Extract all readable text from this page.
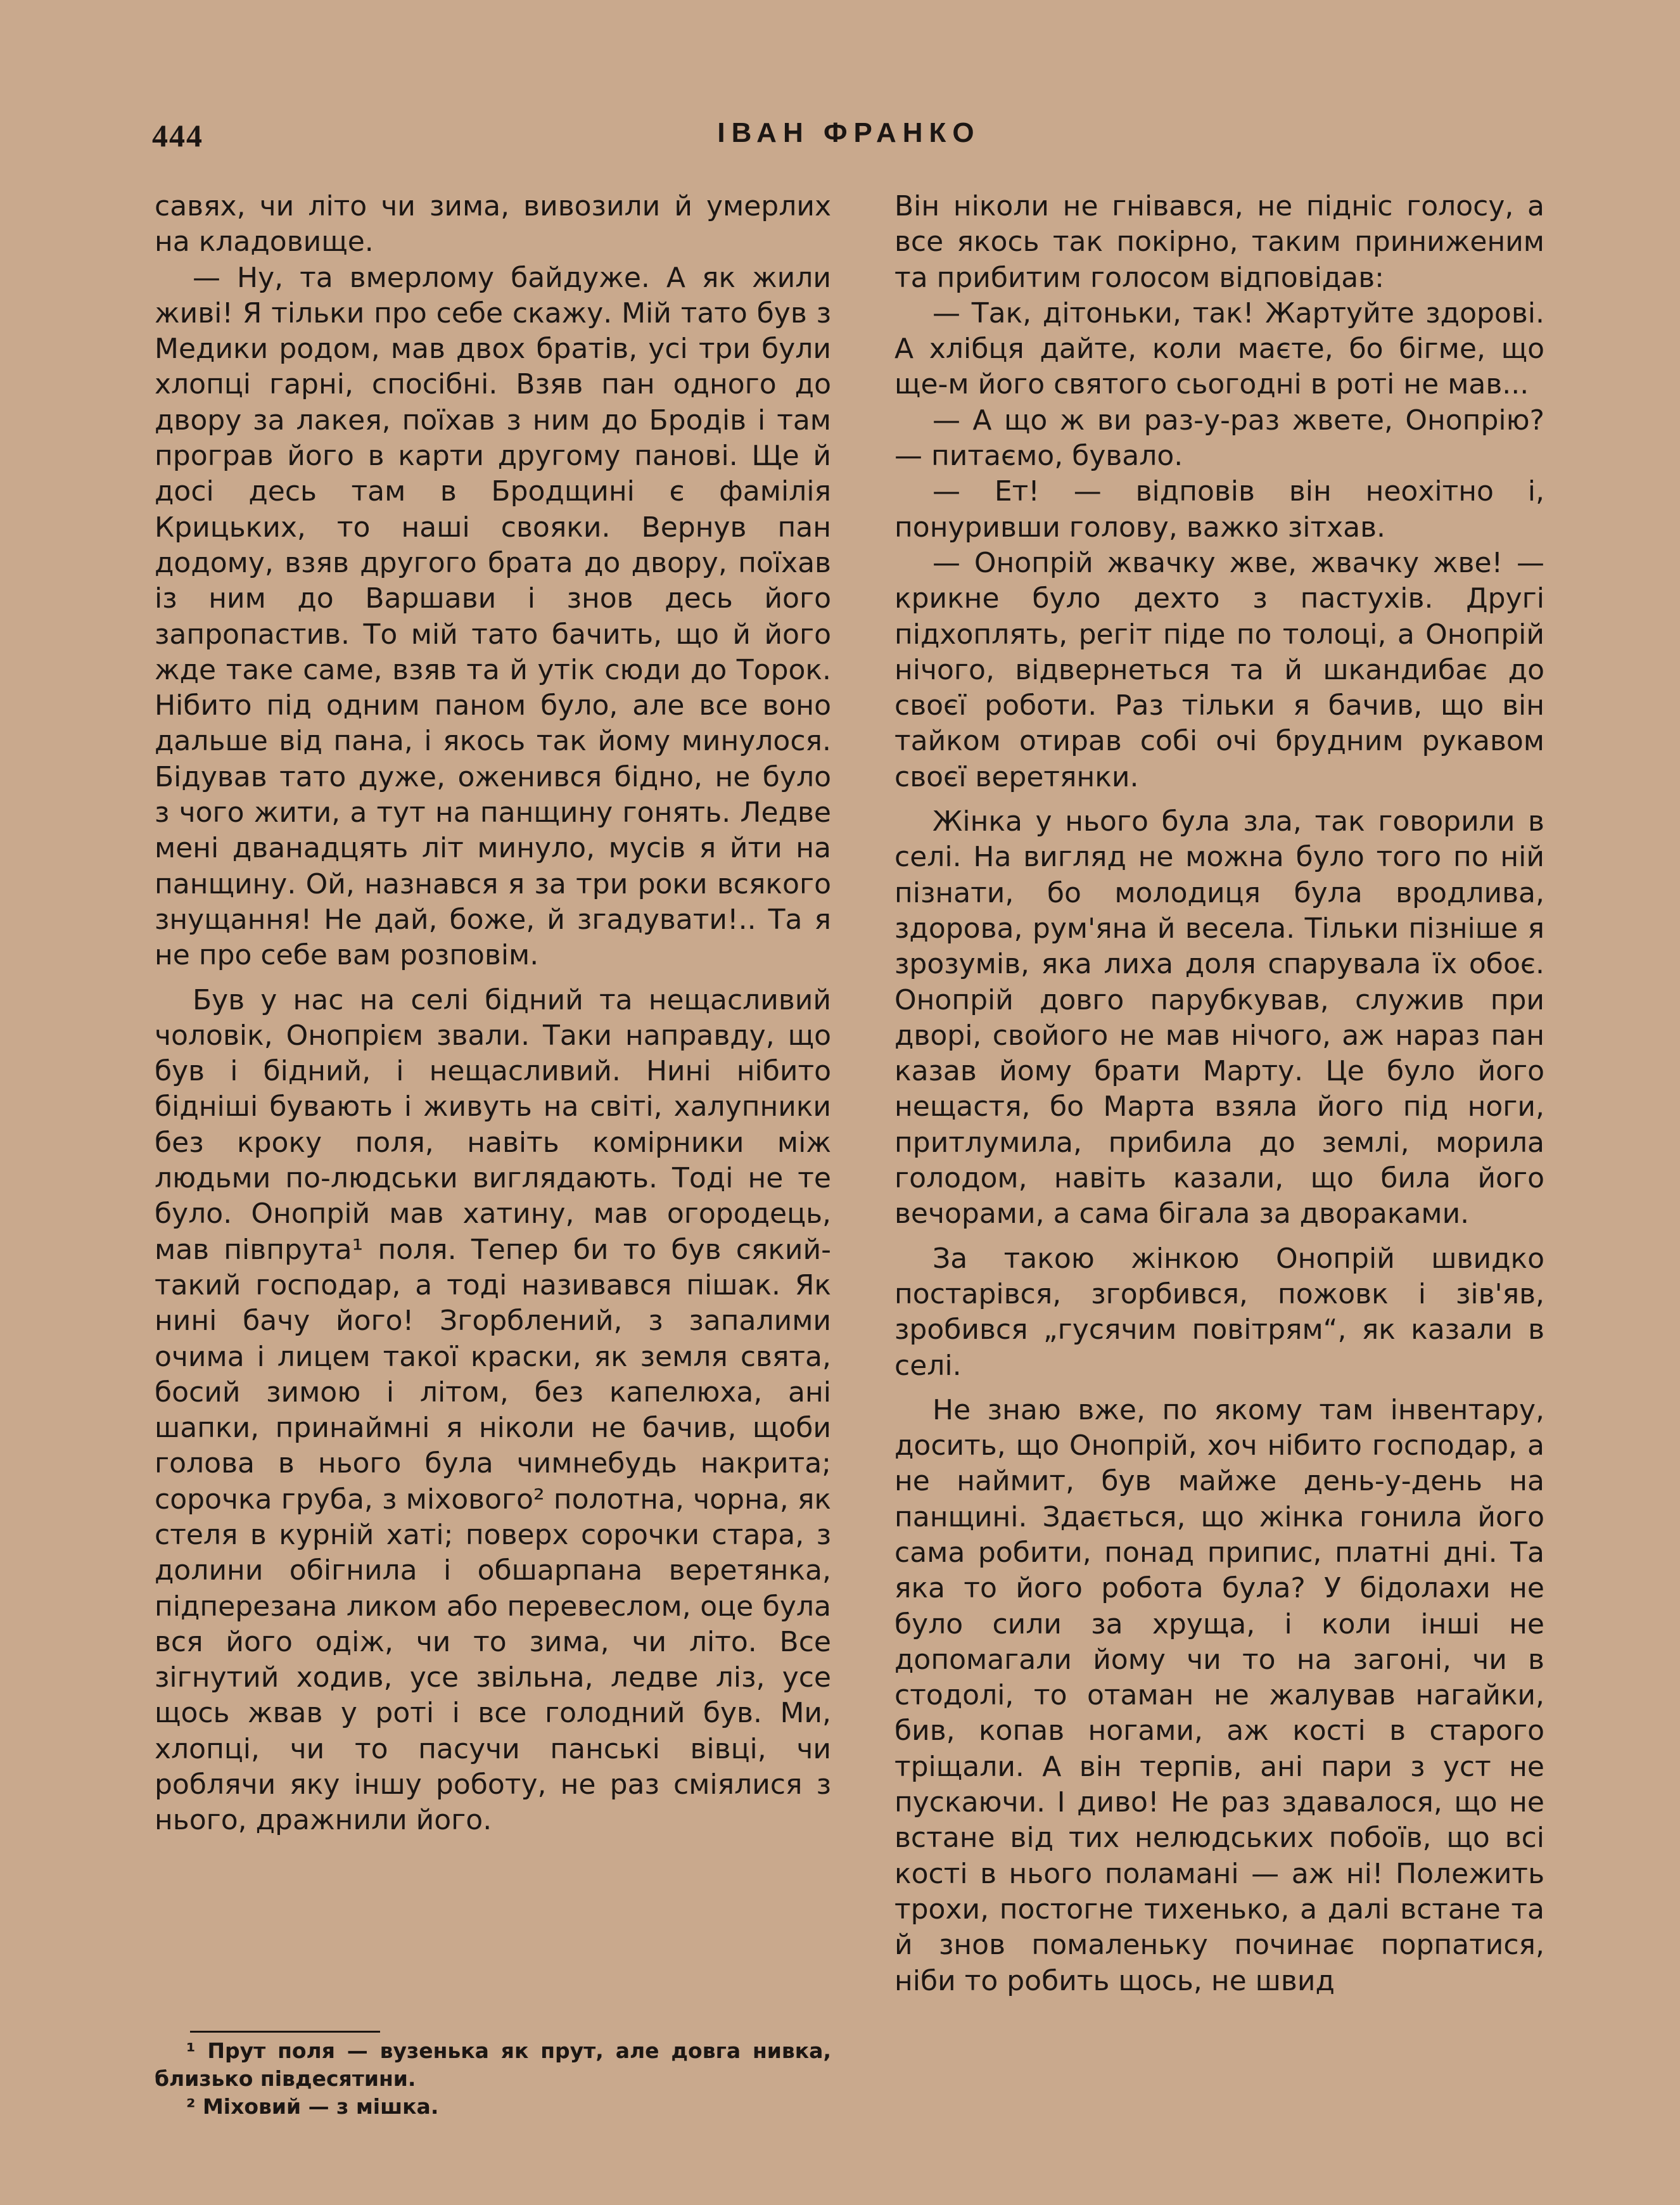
444	ІВАН ФРАНКО

савях, чи літо чи зима, вивозили й умерлих на кладовище.

— Ну, та вмерлому байдуже. А як жили живі! Я тільки про себе скажу. Мій тато був з Медики родом, мав двох братів, усі три були хлопці гарні, спосібні. Взяв пан одного до двору за лакея, поїхав з ним до Бродів і там програв його в карти другому панові. Ще й досі десь там в Бродщині є фамілія Крицьких, то наші свояки. Вернув пан додому, взяв другого брата до двору, поїхав із ним до Варшави і знов десь його запропастив. То мій тато бачить, що й його жде таке саме, взяв та й утік сюди до Торок. Нібито під одним паном було, але все воно дальше від пана, і якось так йому минулося. Бідував тато дуже, оженився бідно, не було з чого жити, а тут на панщину гонять. Ледве мені дванадцять літ минуло, мусів я йти на панщину. Ой, назнався я за три роки всякого знущання! Не дай, боже, й згадувати!.. Та я не про себе вам розповім.

Був у нас на селі бідний та нещасливий чоловік, Онопрієм звали. Таки направду, що був і бідний, і нещасливий. Нині нібито бідніші бувають і живуть на світі, халупники без кроку поля, навіть комірники між людьми по-людськи виглядають. Тоді не те було. Онопрій мав хатину, мав огородець, мав півпрута¹ поля. Тепер би то був сякий-такий господар, а тоді називався пішак. Як нині бачу його! Згорблений, з запалими очима і лицем такої краски, як земля свята, босий зимою і літом, без капелюха, ані шапки, принаймні я ніколи не бачив, щоби голова в нього була чимнебудь накрита; сорочка груба, з міхового² полотна, чорна, як стеля в курній хаті; поверх сорочки стара, з долини обігнила і обшарпана веретянка, підперезана ликом або перевеслом, оце була вся його одіж, чи то зима, чи літо. Все зігнутий ходив, усе звільна, ледве ліз, усе щось жвав у роті і все голодний був. Ми, хлопці, чи то пасучи панські вівці, чи роблячи яку іншу роботу, не раз сміялися з нього, дражнили його.

Він ніколи не гнівався, не підніс голосу, а все якось так покірно, таким приниженим та прибитим голосом відповідав:

— Так, дітоньки, так! Жартуйте здорові. А хлібця дайте, коли маєте, бо бігме, що ще-м його святого сьогодні в роті не мав...

— А що ж ви раз-у-раз жвете, Онопрію? — питаємо, бувало.

— Ет! — відповів він неохітно і, понуривши голову, важко зітхав.

— Онопрій жвачку жве, жвачку жве! — крикне було дехто з пастухів. Другі підхоплять, регіт піде по толоці, а Онопрій нічого, відвернеться та й шкандибає до своєї роботи. Раз тільки я бачив, що він тайком отирав собі очі брудним рукавом своєї веретянки.

Жінка у нього була зла, так говорили в селі. На вигляд не можна було того по ній пізнати, бо молодиця була вродлива, здорова, рум'яна й весела. Тільки пізніше я зрозумів, яка лиха доля спарувала їх обоє. Онопрій довго парубкував, служив при дворі, свойого не мав нічого, аж нараз пан казав йому брати Марту. Це було його нещастя, бо Марта взяла його під ноги, притлумила, прибила до землі, морила голодом, навіть казали, що била його вечорами, а сама бігала за двораками.

За такою жінкою Онопрій швидко постарівся, згорбився, пожовк і зів'яв, зробився „гусячим повітрям“, як казали в селі.

Не знаю вже, по якому там інвентару, досить, що Онопрій, хоч нібито господар, а не наймит, був майже день-у-день на панщині. Здається, що жінка гонила його сама робити, понад припис, платні дні. Та яка то його робота була? У бідолахи не було сили за хруща, і коли інші не допомагали йому чи то на загоні, чи в стодолі, то отаман не жалував нагайки, бив, копав ногами, аж кості в старого тріщали. А він терпів, ані пари з уст не пускаючи. І диво! Не раз здавалося, що не встане від тих нелюдських побоїв, що всі кості в нього поламані — аж ні! Полежить трохи, постогне тихенько, а далі встане та й знов помаленьку починає порпатися, ніби то робить щось, не швид

¹ Прут поля — вузенька як прут, але довга нивка, близько півдесятини.

² Міховий — з мішка.
